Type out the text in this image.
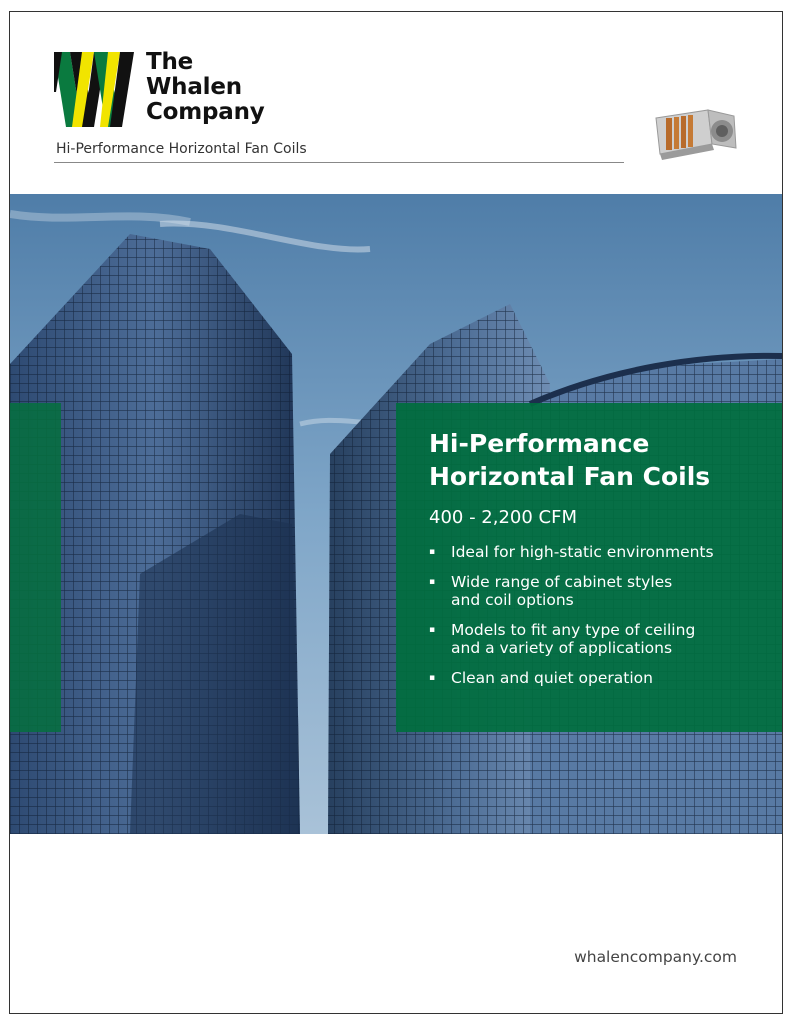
The
Whalen
Company
Hi-Performance Horizontal Fan Coils
Hi-Performance
Horizontal Fan Coils
400 - 2,200 CFM
▪ Ideal for high-static environments
▪ Wide range of cabinet styles
and coil options
▪ Models to fit any type of ceiling
and a variety of applications
▪ Clean and quiet operation
whalencompany.com
